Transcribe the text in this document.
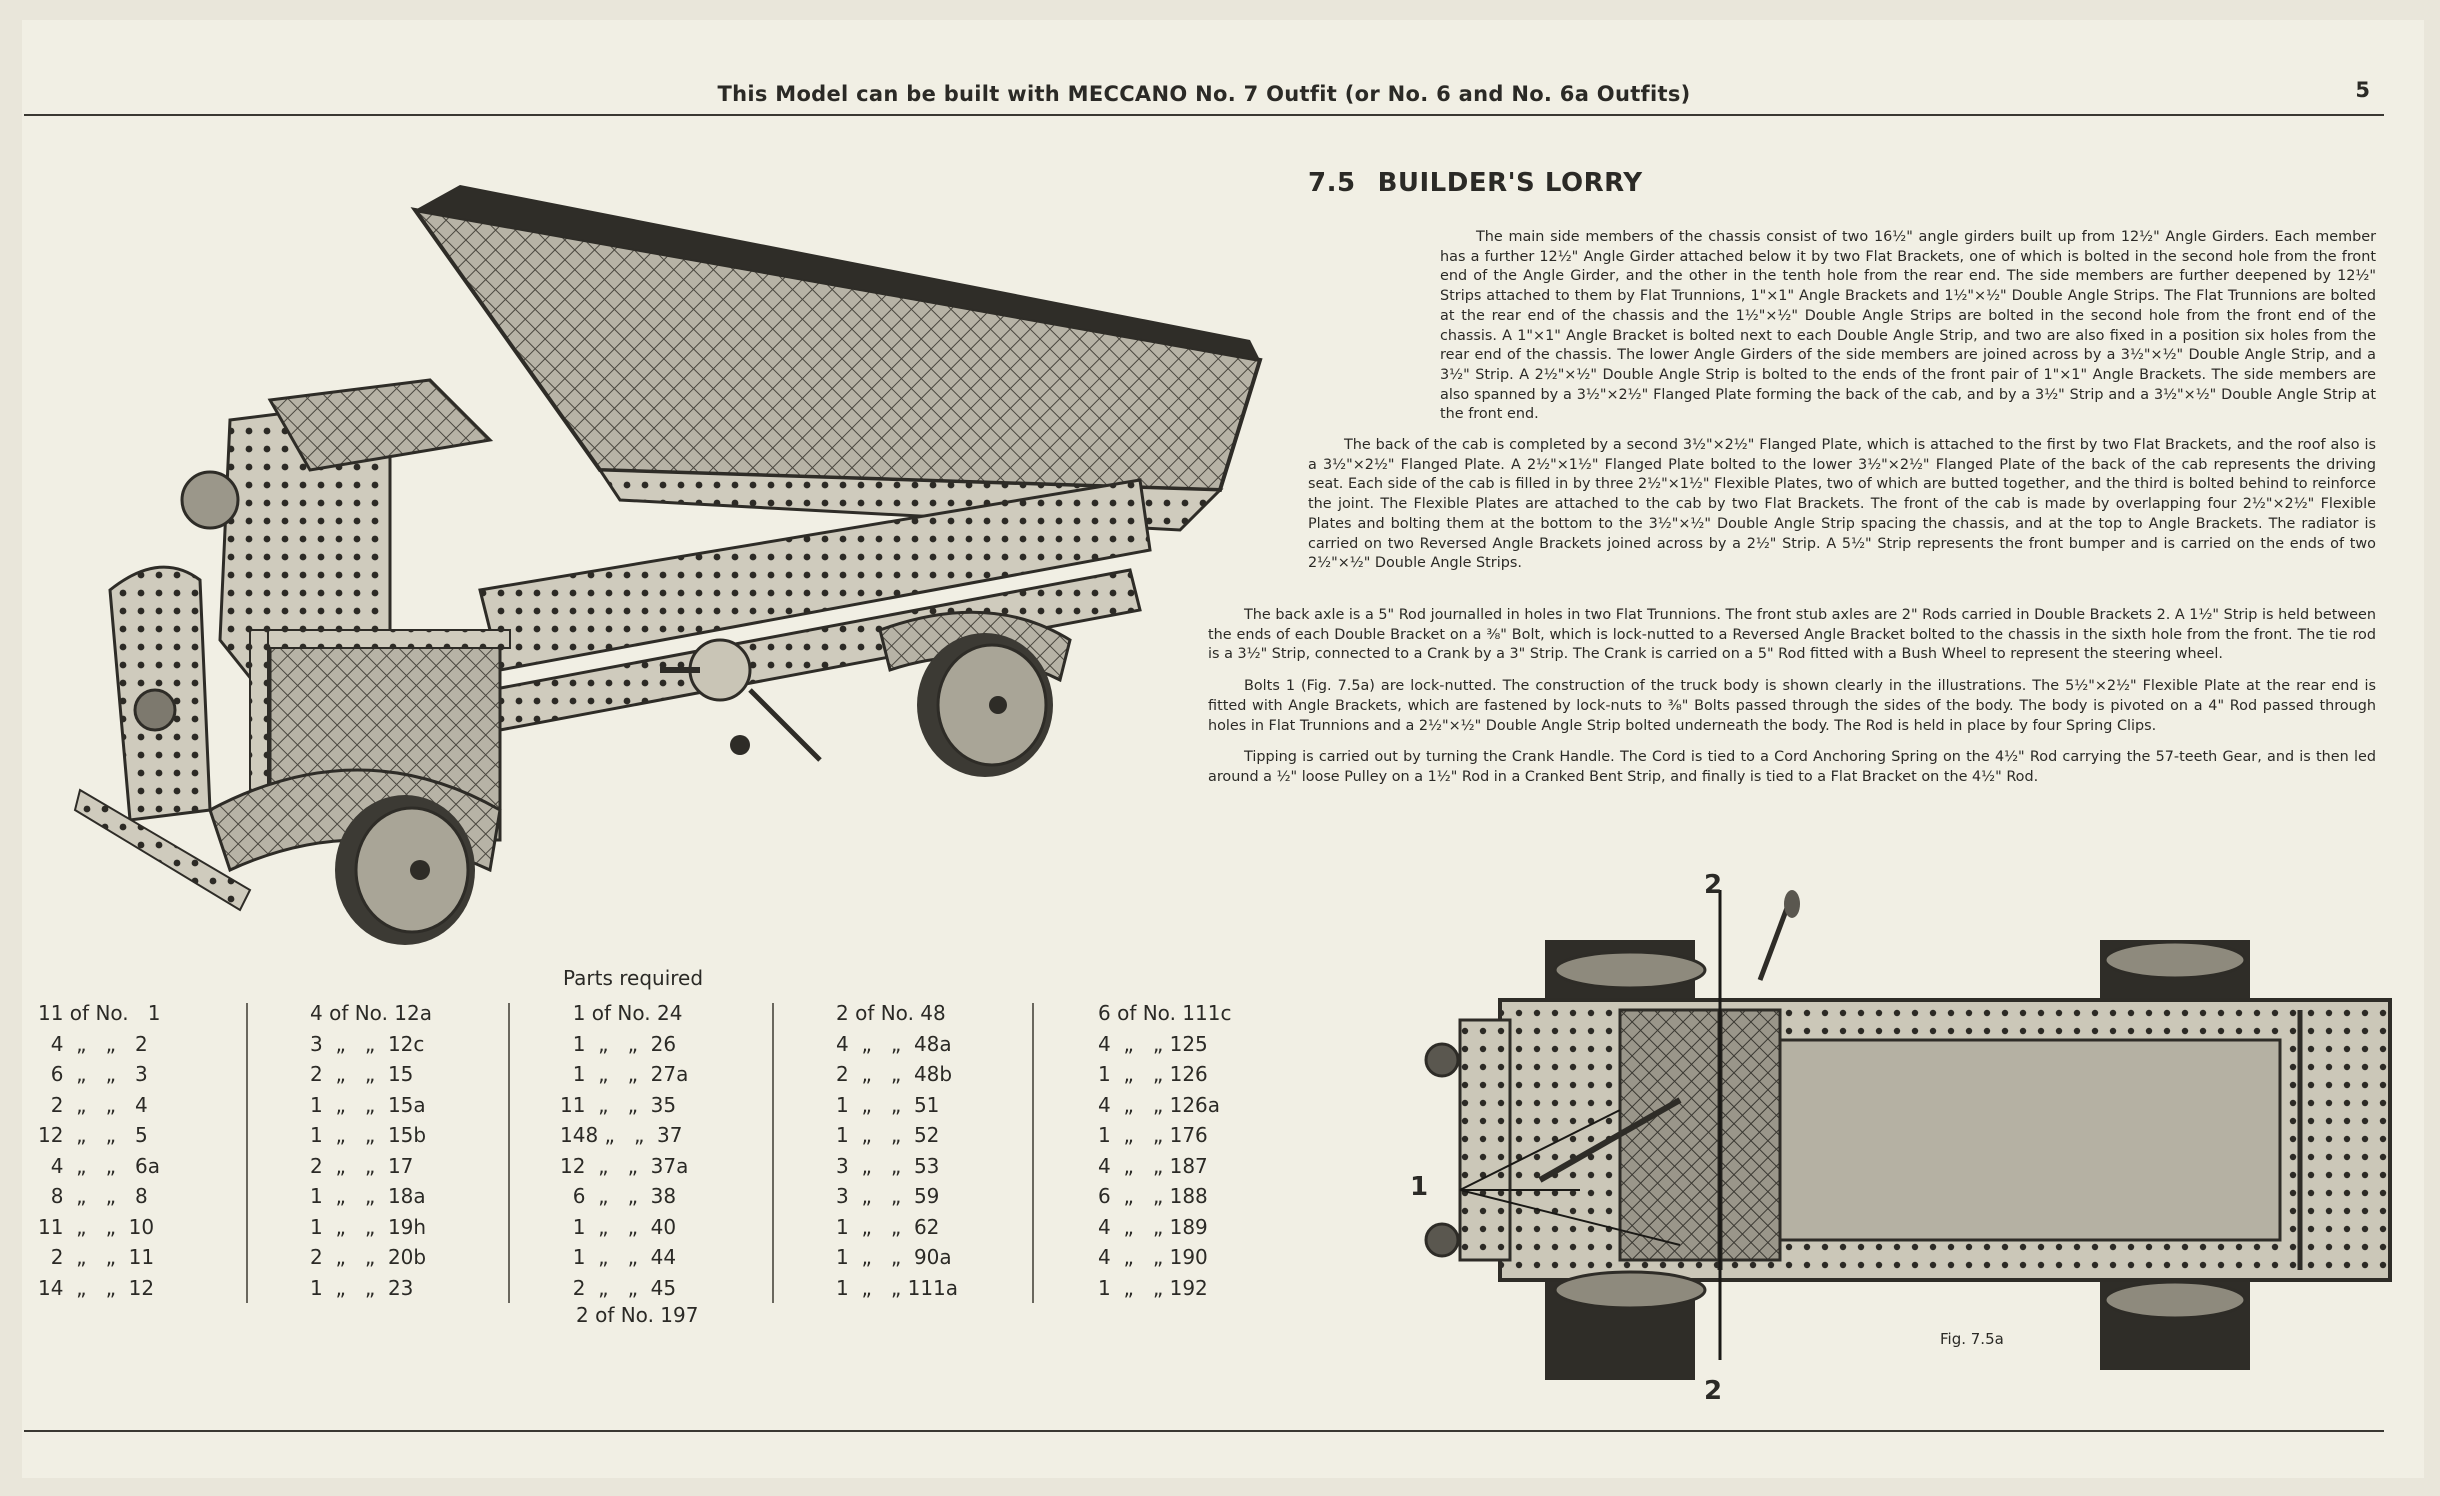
This Model can be built with MECCANO No. 7 Outfit (or No. 6 and No. 6a Outfits)	5
7.5 BUILDER'S LORRY

The main side members of the chassis consist of two 16½" angle girders built up from 12½" Angle Girders. Each member has a further 12½" Angle Girder attached below it by two Flat Brackets, one of which is bolted in the second hole from the front end of the Angle Girder, and the other in the tenth hole from the rear end. The side members are further deepened by 12½" Strips attached to them by Flat Trunnions, 1"×1" Angle Brackets and 1½"×½" Double Angle Strips. The Flat Trunnions are bolted at the rear end of the chassis and the 1½"×½" Double Angle Strips are bolted in the second hole from the front end of the chassis. A 1"×1" Angle Bracket is bolted next to each Double Angle Strip, and two are also fixed in a position six holes from the rear end of the chassis. The lower Angle Girders of the side members are joined across by a 3½"×½" Double Angle Strip, and a 3½" Strip. A 2½"×½" Double Angle Strip is bolted to the ends of the front pair of 1"×1" Angle Brackets. The side members are also spanned by a 3½"×2½" Flanged Plate forming the back of the cab, and by a 3½" Strip and a 3½"×½" Double Angle Strip at the front end.

The back of the cab is completed by a second 3½"×2½" Flanged Plate, which is attached to the first by two Flat Brackets, and the roof also is a 3½"×2½" Flanged Plate. A 2½"×1½" Flanged Plate bolted to the lower 3½"×2½" Flanged Plate of the back of the cab represents the driving seat. Each side of the cab is filled in by three 2½"×1½" Flexible Plates, two of which are butted together, and the third is bolted behind to reinforce the joint. The Flexible Plates are attached to the cab by two Flat Brackets. The front of the cab is made by overlapping four 2½"×2½" Flexible Plates and bolting them at the bottom to the 3½"×½" Double Angle Strip spacing the chassis, and at the top to Angle Brackets. The radiator is carried on two Reversed Angle Brackets joined across by a 2½" Strip. A 5½" Strip represents the front bumper and is carried on the ends of two 2½"×½" Double Angle Strips.

The back axle is a 5" Rod journalled in holes in two Flat Trunnions. The front stub axles are 2" Rods carried in Double Brackets 2. A 1½" Strip is held between the ends of each Double Bracket on a ⅜" Bolt, which is lock-nutted to a Reversed Angle Bracket bolted to the chassis in the sixth hole from the front. The tie rod is a 3½" Strip, connected to a Crank by a 3" Strip. The Crank is carried on a 5" Rod fitted with a Bush Wheel to represent the steering wheel.

Bolts 1 (Fig. 7.5a) are lock-nutted. The construction of the truck body is shown clearly in the illustrations. The 5½"×2½" Flexible Plate at the rear end is fitted with Angle Brackets, which are fastened by lock-nuts to ⅜" Bolts passed through the sides of the body. The body is pivoted on a 4" Rod passed through holes in Flat Trunnions and a 2½"×½" Double Angle Strip bolted underneath the body. The Rod is held in place by four Spring Clips.

Tipping is carried out by turning the Crank Handle. The Cord is tied to a Cord Anchoring Spring on the 4½" Rod carrying the 57-teeth Gear, and is then led around a ½" loose Pulley on a 1½" Rod in a Cranked Bent Strip, and finally is tied to a Flat Bracket on the 4½" Rod.

Parts required
11 of No.   1
4  „   „   2
6  „   „   3
2  „   „   4
12  „   „   5
4  „   „   6a
8  „   „   8
11  „   „  10
2  „   „  11
14  „   „  12
4 of No. 12a
3  „   „  12c
2  „   „  15
1  „   „  15a
1  „   „  15b
2  „   „  17
1  „   „  18a
1  „   „  19h
2  „   „  20b
1  „   „  23
1 of No. 24
1  „   „  26
1  „   „  27a
11  „   „  35
148 „   „  37
12  „   „  37a
6  „   „  38
1  „   „  40
1  „   „  44
2  „   „  45
2 of No. 197
2 of No. 48
4  „   „  48a
2  „   „  48b
1  „   „  51
1  „   „  52
3  „   „  53
3  „   „  59
1  „   „  62
1  „   „  90a
1  „   „ 111a
6 of No. 111c
4  „   „ 125
1  „   „ 126
4  „   „ 126a
1  „   „ 176
4  „   „ 187
6  „   „ 188
4  „   „ 189
4  „   „ 190
1  „   „ 192
2
2
1
Fig. 7.5a
